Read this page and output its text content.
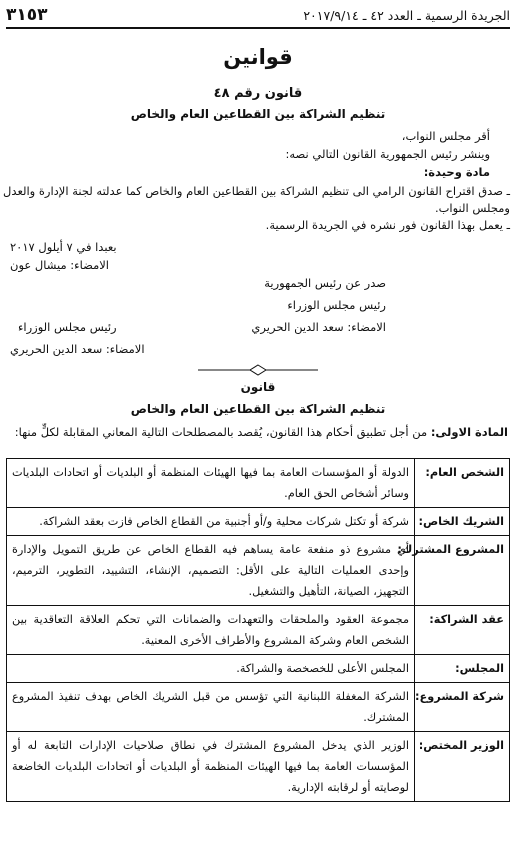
الجريدة الرسمية ـ العدد ٤٢ ـ ٢٠١٧/٩/١٤
٣١٥٣
قوانين
قانون رقم ٤٨
تنظيم الشراكة بين القطاعين العام والخاص
أقر مجلس النواب،
وينشر رئيس الجمهورية القانون التالي نصه:
مادة وحيدة:
ـ صدق اقتراح القانون الرامي الى تنظيم الشراكة بين القطاعين العام والخاص كما عدلته لجنة الإدارة والعدل
ومجلس النواب.
ـ يعمل بهذا القانون فور نشره في الجريدة الرسمية.
بعبدا في ٧ أيلول ٢٠١٧
الامضاء: ميشال عون
صدر عن رئيس الجمهورية
رئيس مجلس الوزراء
الامضاء: سعد الدين الحريري
رئيس مجلس الوزراء
الامضاء: سعد الدين الحريري
قانون
تنظيم الشراكة بين القطاعين العام والخاص
المادة الاولى: من أجل تطبيق أحكام هذا القانون، يُقصد بالمصطلحات التالية المعاني المقابلة لكلٍّ منها:
الشخص العام:	الدولة أو المؤسسات العامة بما فيها الهيئات المنظمة أو البلديات أو اتحادات البلديات وسائر أشخاص الحق العام.
الشريك الخاص:	شركة أو تكتل شركات محلية و/أو أجنبية من القطاع الخاص فازت بعقد الشراكة.
المشروع المشترك:	أي مشروع ذو منفعة عامة يساهم فيه القطاع الخاص عن طريق التمويل والإدارة وإحدى العمليات التالية على الأقل: التصميم، الإنشاء، التشييد، التطوير، الترميم، التجهيز، الصيانة، التأهيل والتشغيل.
عقد الشراكة:	مجموعة العقود والملحقات والتعهدات والضمانات التي تحكم العلاقة التعاقدية بين الشخص العام وشركة المشروع والأطراف الأخرى المعنية.
المجلس:	المجلس الأعلى للخصخصة والشراكة.
شركة المشروع:	الشركة المغفلة اللبنانية التي تؤسس من قبل الشريك الخاص بهدف تنفيذ المشروع المشترك.
الوزير المختص:	الوزير الذي يدخل المشروع المشترك في نطاق صلاحيات الإدارات التابعة له أو المؤسسات العامة بما فيها الهيئات المنظمة أو البلديات أو اتحادات البلديات الخاضعة لوصايته أو لرقابته الإدارية.
